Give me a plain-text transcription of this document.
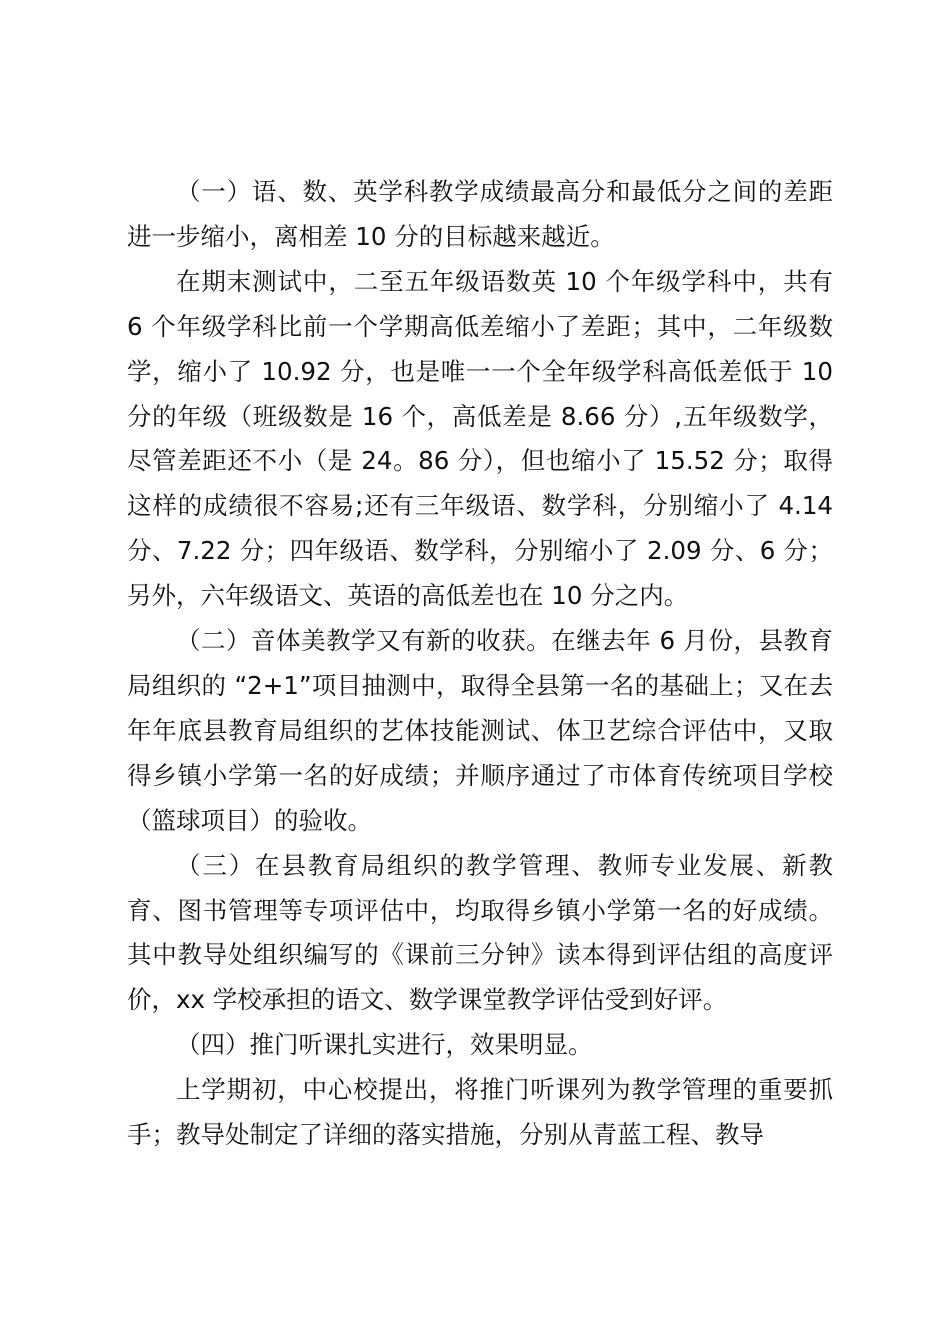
（一）语、数、英学科教学成绩最高分和最低分之间的差距进一步缩小，离相差 10 分的目标越来越近。

在期末测试中，二至五年级语数英 10 个年级学科中，共有 6 个年级学科比前一个学期高低差缩小了差距；其中，二年级数学，缩小了 10.92 分，也是唯一一个全年级学科高低差低于 10 分的年级（班级数是 16 个，高低差是 8.66 分）,五年级数学，尽管差距还不小（是 24。86 分），但也缩小了 15.52 分；取得这样的成绩很不容易;还有三年级语、数学科，分别缩小了 4.14 分、7.22 分；四年级语、数学科，分别缩小了 2.09 分、6 分；另外，六年级语文、英语的高低差也在 10 分之内。

（二）音体美教学又有新的收获。在继去年 6 月份，县教育局组织的 “2+1”项目抽测中，取得全县第一名的基础上；又在去年年底县教育局组织的艺体技能测试、体卫艺综合评估中，又取得乡镇小学第一名的好成绩；并顺序通过了市体育传统项目学校（篮球项目）的验收。

（三）在县教育局组织的教学管理、教师专业发展、新教育、图书管理等专项评估中，均取得乡镇小学第一名的好成绩。其中教导处组织编写的《课前三分钟》读本得到评估组的高度评价，xx 学校承担的语文、数学课堂教学评估受到好评。

（四）推门听课扎实进行，效果明显。

上学期初，中心校提出，将推门听课列为教学管理的重要抓手；教导处制定了详细的落实措施，分别从青蓝工程、教导
